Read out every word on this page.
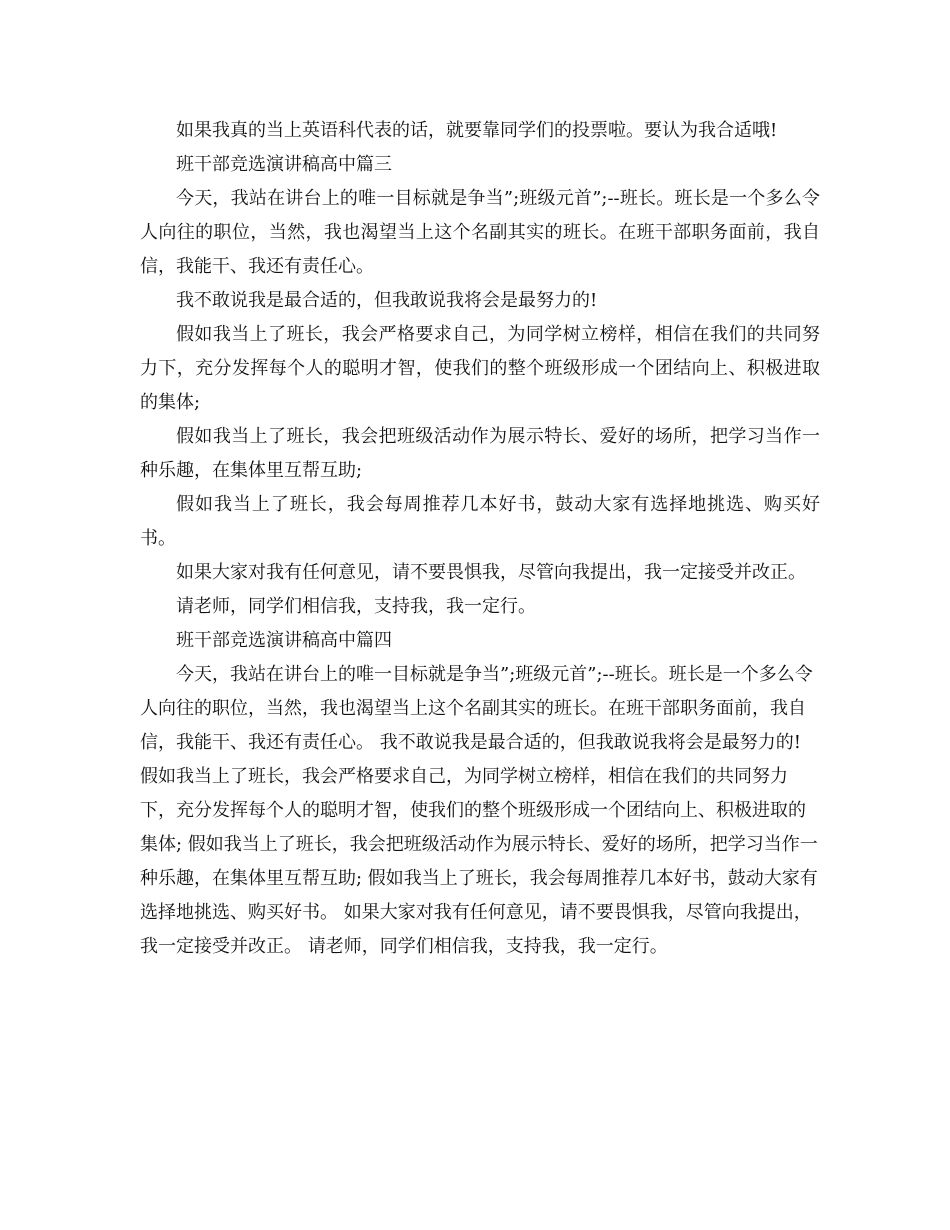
如果我真的当上英语科代表的话，就要靠同学们的投票啦。要认为我合适哦!

班干部竞选演讲稿高中篇三

今天，我站在讲台上的唯一目标就是争当”;班级元首”;--班长。班长是一个多么令人向往的职位，当然，我也渴望当上这个名副其实的班长。在班干部职务面前，我自信，我能干、我还有责任心。

我不敢说我是最合适的，但我敢说我将会是最努力的!

假如我当上了班长，我会严格要求自己，为同学树立榜样，相信在我们的共同努力下，充分发挥每个人的聪明才智，使我们的整个班级形成一个团结向上、积极进取的集体;

假如我当上了班长，我会把班级活动作为展示特长、爱好的场所，把学习当作一种乐趣，在集体里互帮互助;

假如我当上了班长，我会每周推荐几本好书，鼓动大家有选择地挑选、购买好书。

如果大家对我有任何意见，请不要畏惧我，尽管向我提出，我一定接受并改正。

请老师，同学们相信我，支持我，我一定行。

班干部竞选演讲稿高中篇四

今天，我站在讲台上的唯一目标就是争当”;班级元首”;--班长。班长是一个多么令人向往的职位，当然，我也渴望当上这个名副其实的班长。在班干部职务面前，我自信，我能干、我还有责任心。 我不敢说我是最合适的，但我敢说我将会是最努力的! 假如我当上了班长，我会严格要求自己，为同学树立榜样，相信在我们的共同努力下，充分发挥每个人的聪明才智，使我们的整个班级形成一个团结向上、积极进取的集体; 假如我当上了班长，我会把班级活动作为展示特长、爱好的场所，把学习当作一种乐趣，在集体里互帮互助; 假如我当上了班长，我会每周推荐几本好书，鼓动大家有选择地挑选、购买好书。 如果大家对我有任何意见，请不要畏惧我，尽管向我提出，我一定接受并改正。 请老师，同学们相信我，支持我，我一定行。
